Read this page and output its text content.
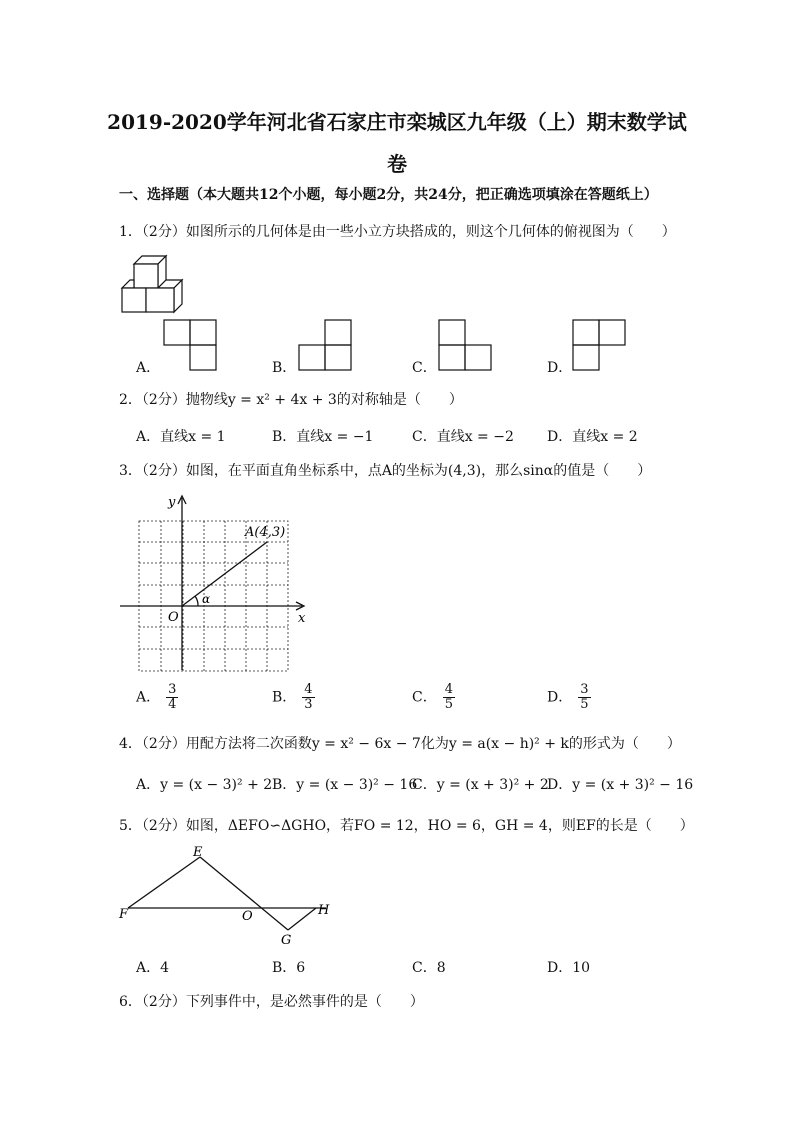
2019-2020学年河北省石家庄市栾城区九年级（上）期末数学试
卷
一、选择题（本大题共12个小题，每小题2分，共24分，把正确选项填涂在答题纸上）
1．（2分）如图所示的几何体是由一些小立方块搭成的，则这个几何体的俯视图为（　　）
A．	B．	C．	D．
2．（2分）抛物线y = x² + 4x + 3的对称轴是（　　）
A．直线x = 1	B．直线x = −1	C．直线x = −2 D．直线x = 2
3．（2分）如图，在平面直角坐标系中，点A的坐标为(4,3)，那么sinα的值是（　　）
y
x
O
A(4,3)
α
A． $\frac{3}{4}$	B． $\frac{4}{3}$	C． $\frac{4}{5}$	D． $\frac{3}{5}$
4．（2分）用配方法将二次函数y = x² − 6x − 7化为y = a(x − h)² + k的形式为（　　）
A．y = (x − 3)² + 2 B．y = (x − 3)² − 16
C．y = (x + 3)² + 2
D．y = (x + 3)² − 16
5．（2分）如图，ΔEFO∽ΔGHO，若FO = 12，HO = 6，GH = 4，则EF的长是（　　）
E
F	O	H
G
A．4	B．6	C．8	D．10
6．（2分）下列事件中，是必然事件的是（　　）
